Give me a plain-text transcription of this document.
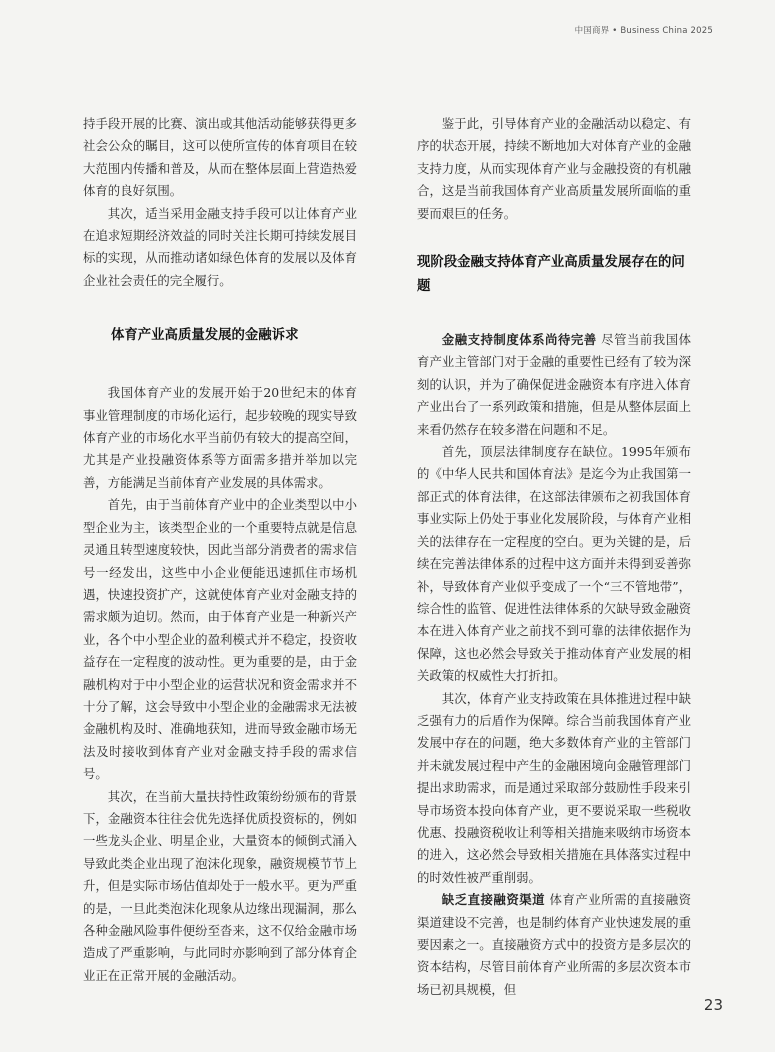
中国商界 • Business China 2025

持手段开展的比赛、演出或其他活动能够获得更多社会公众的瞩目，这可以使所宣传的体育项目在较大范围内传播和普及，从而在整体层面上营造热爱体育的良好氛围。

其次，适当采用金融支持手段可以让体育产业在追求短期经济效益的同时关注长期可持续发展目标的实现，从而推动诸如绿色体育的发展以及体育企业社会责任的完全履行。

体育产业高质量发展的金融诉求

我国体育产业的发展开始于20世纪末的体育事业管理制度的市场化运行，起步较晚的现实导致体育产业的市场化水平当前仍有较大的提高空间，尤其是产业投融资体系等方面需多措并举加以完善，方能满足当前体育产业发展的具体需求。

首先，由于当前体育产业中的企业类型以中小型企业为主，该类型企业的一个重要特点就是信息灵通且转型速度较快，因此当部分消费者的需求信号一经发出，这些中小企业便能迅速抓住市场机遇，快速投资扩产，这就使体育产业对金融支持的需求颇为迫切。然而，由于体育产业是一种新兴产业，各个中小型企业的盈利模式并不稳定，投资收益存在一定程度的波动性。更为重要的是，由于金融机构对于中小型企业的运营状况和资金需求并不十分了解，这会导致中小型企业的金融需求无法被金融机构及时、准确地获知，进而导致金融市场无法及时接收到体育产业对金融支持手段的需求信号。

其次，在当前大量扶持性政策纷纷颁布的背景下，金融资本往往会优先选择优质投资标的，例如一些龙头企业、明星企业，大量资本的倾倒式涌入导致此类企业出现了泡沫化现象，融资规模节节上升，但是实际市场估值却处于一般水平。更为严重的是，一旦此类泡沫化现象从边缘出现漏洞，那么各种金融风险事件便纷至沓来，这不仅给金融市场造成了严重影响，与此同时亦影响到了部分体育企业正在正常开展的金融活动。

鉴于此，引导体育产业的金融活动以稳定、有序的状态开展，持续不断地加大对体育产业的金融支持力度，从而实现体育产业与金融投资的有机融合，这是当前我国体育产业高质量发展所面临的重要而艰巨的任务。

现阶段金融支持体育产业高质量发展存在的问题

金融支持制度体系尚待完善 尽管当前我国体育产业主管部门对于金融的重要性已经有了较为深刻的认识，并为了确保促进金融资本有序进入体育产业出台了一系列政策和措施，但是从整体层面上来看仍然存在较多潜在问题和不足。

首先，顶层法律制度存在缺位。1995年颁布的《中华人民共和国体育法》是迄今为止我国第一部正式的体育法律，在这部法律颁布之初我国体育事业实际上仍处于事业化发展阶段，与体育产业相关的法律存在一定程度的空白。更为关键的是，后续在完善法律体系的过程中这方面并未得到妥善弥补，导致体育产业似乎变成了一个“三不管地带”，综合性的监管、促进性法律体系的欠缺导致金融资本在进入体育产业之前找不到可靠的法律依据作为保障，这也必然会导致关于推动体育产业发展的相关政策的权威性大打折扣。

其次，体育产业支持政策在具体推进过程中缺乏强有力的后盾作为保障。综合当前我国体育产业发展中存在的问题，绝大多数体育产业的主管部门并未就发展过程中产生的金融困境向金融管理部门提出求助需求，而是通过采取部分鼓励性手段来引导市场资本投向体育产业，更不要说采取一些税收优惠、投融资税收让利等相关措施来吸纳市场资本的进入，这必然会导致相关措施在具体落实过程中的时效性被严重削弱。

缺乏直接融资渠道 体育产业所需的直接融资渠道建设不完善，也是制约体育产业快速发展的重要因素之一。直接融资方式中的投资方是多层次的资本结构，尽管目前体育产业所需的多层次资本市场已初具规模，但

23
